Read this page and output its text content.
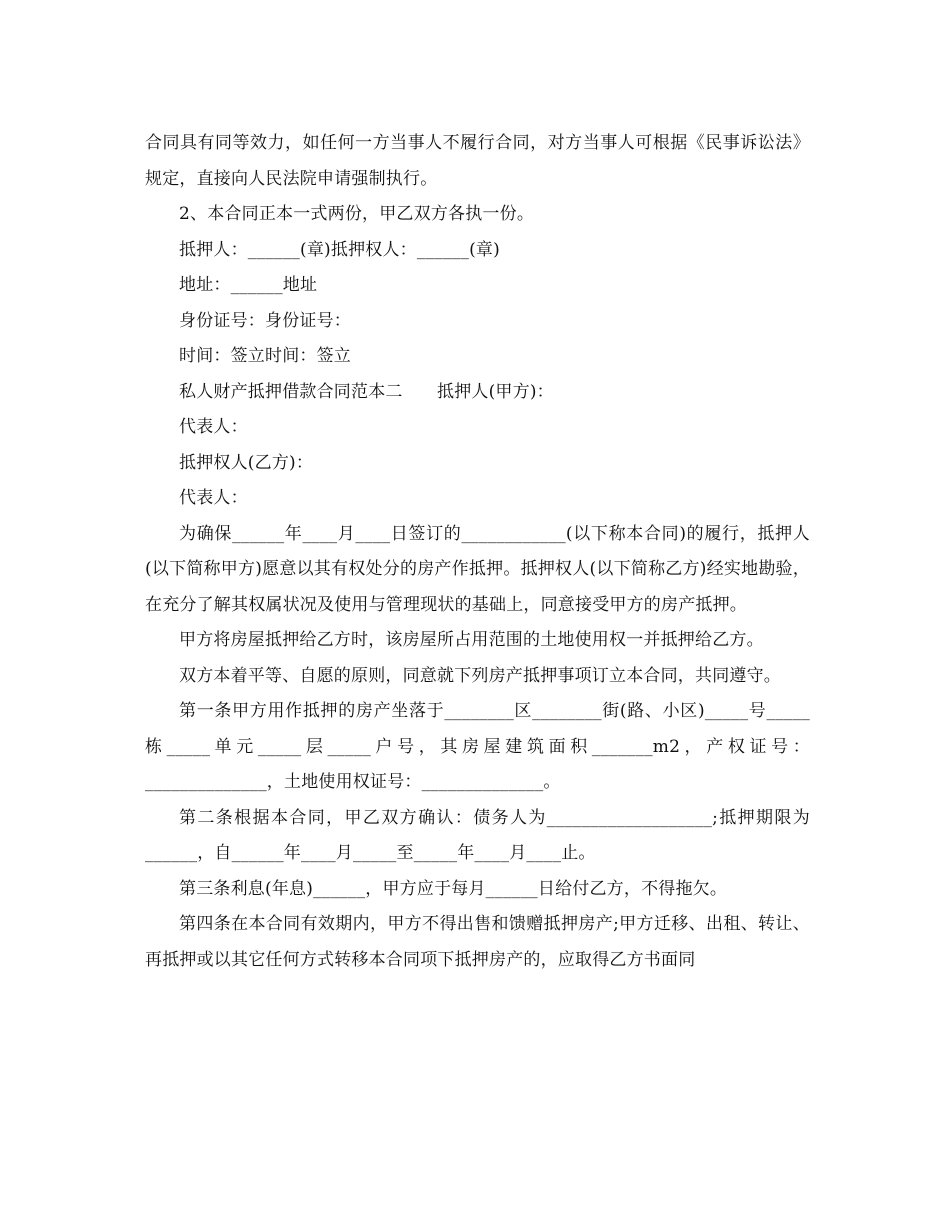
合同具有同等效力，如任何一方当事人不履行合同，对方当事人可根据《民事诉讼法》规定，直接向人民法院申请强制执行。

2、本合同正本一式两份，甲乙双方各执一份。

抵押人：______(章)抵押权人：______(章)

地址：______地址

身份证号：身份证号：

时间：签立时间：签立

私人财产抵押借款合同范本二　　抵押人(甲方)：

代表人：

抵押权人(乙方)：

代表人：

为确保______年____月____日签订的____________(以下称本合同)的履行，抵押人(以下简称甲方)愿意以其有权处分的房产作抵押。抵押权人(以下简称乙方)经实地勘验，在充分了解其权属状况及使用与管理现状的基础上，同意接受甲方的房产抵押。

甲方将房屋抵押给乙方时，该房屋所占用范围的土地使用权一并抵押给乙方。

双方本着平等、自愿的原则，同意就下列房产抵押事项订立本合同，共同遵守。

第一条甲方用作抵押的房产坐落于________区________街(路、小区)_____号_____栋_____单元_____层_____户号，其房屋建筑面积_______m2，产权证号：______________，土地使用权证号：______________。

第二条根据本合同，甲乙双方确认：债务人为___________________;抵押期限为______，自______年____月_____至_____年____月____止。

第三条利息(年息)______，甲方应于每月______日给付乙方，不得拖欠。

第四条在本合同有效期内，甲方不得出售和馈赠抵押房产;甲方迁移、出租、转让、再抵押或以其它任何方式转移本合同项下抵押房产的，应取得乙方书面同
